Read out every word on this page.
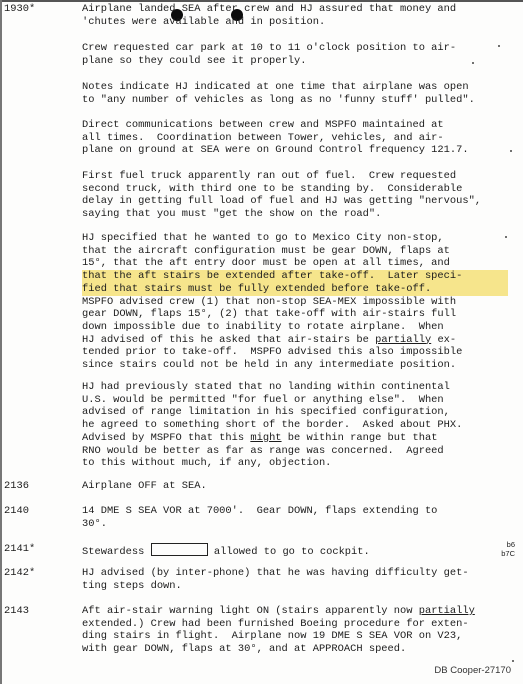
1930*	Airplane landed SEA after crew and HJ assured that money and
'chutes were available and in position.
Crew requested car park at 10 to 11 o'clock position to air-
plane so they could see it properly.
Notes indicate HJ indicated at one time that airplane was open
to "any number of vehicles as long as no 'funny stuff' pulled".
Direct communications between crew and MSPFO maintained at
all times.  Coordination between Tower, vehicles, and air-
plane on ground at SEA were on Ground Control frequency 121.7.
First fuel truck apparently ran out of fuel.  Crew requested
second truck, with third one to be standing by.  Considerable
delay in getting full load of fuel and HJ was getting "nervous",
saying that you must "get the show on the road".
HJ specified that he wanted to go to Mexico City non-stop,
that the aircraft configuration must be gear DOWN, flaps at
15°, that the aft entry door must be open at all times, and
that the aft stairs be extended after take-off.  Later speci-
fied that stairs must be fully extended before take-off.
MSPFO advised crew (1) that non-stop SEA-MEX impossible with
gear DOWN, flaps 15°, (2) that take-off with air-stairs full
down impossible due to inability to rotate airplane.  When
HJ advised of this he asked that air-stairs be partially ex-
tended prior to take-off.  MSPFO advised this also impossible
since stairs could not be held in any intermediate position.
HJ had previously stated that no landing within continental
U.S. would be permitted "for fuel or anything else".  When
advised of range limitation in his specified configuration,
he agreed to something short of the border.  Asked about PHX.
Advised by MSPFO that this might be within range but that
RNO would be better as far as range was concerned.  Agreed
to this without much, if any, objection.
2136	Airplane OFF at SEA.
2140	14 DME S SEA VOR at 7000'.  Gear DOWN, flaps extending to
30°.
2141*	Stewardess	allowed to go to cockpit.
b6
b7C
2142*	HJ advised (by inter-phone) that he was having difficulty get-
ting steps down.
2143	Aft air-stair warning light ON (stairs apparently now partially
extended.) Crew had been furnished Boeing procedure for exten-
ding stairs in flight.  Airplane now 19 DME S SEA VOR on V23,
with gear DOWN, flaps at 30°, and at APPROACH speed.
DB Cooper-27170
